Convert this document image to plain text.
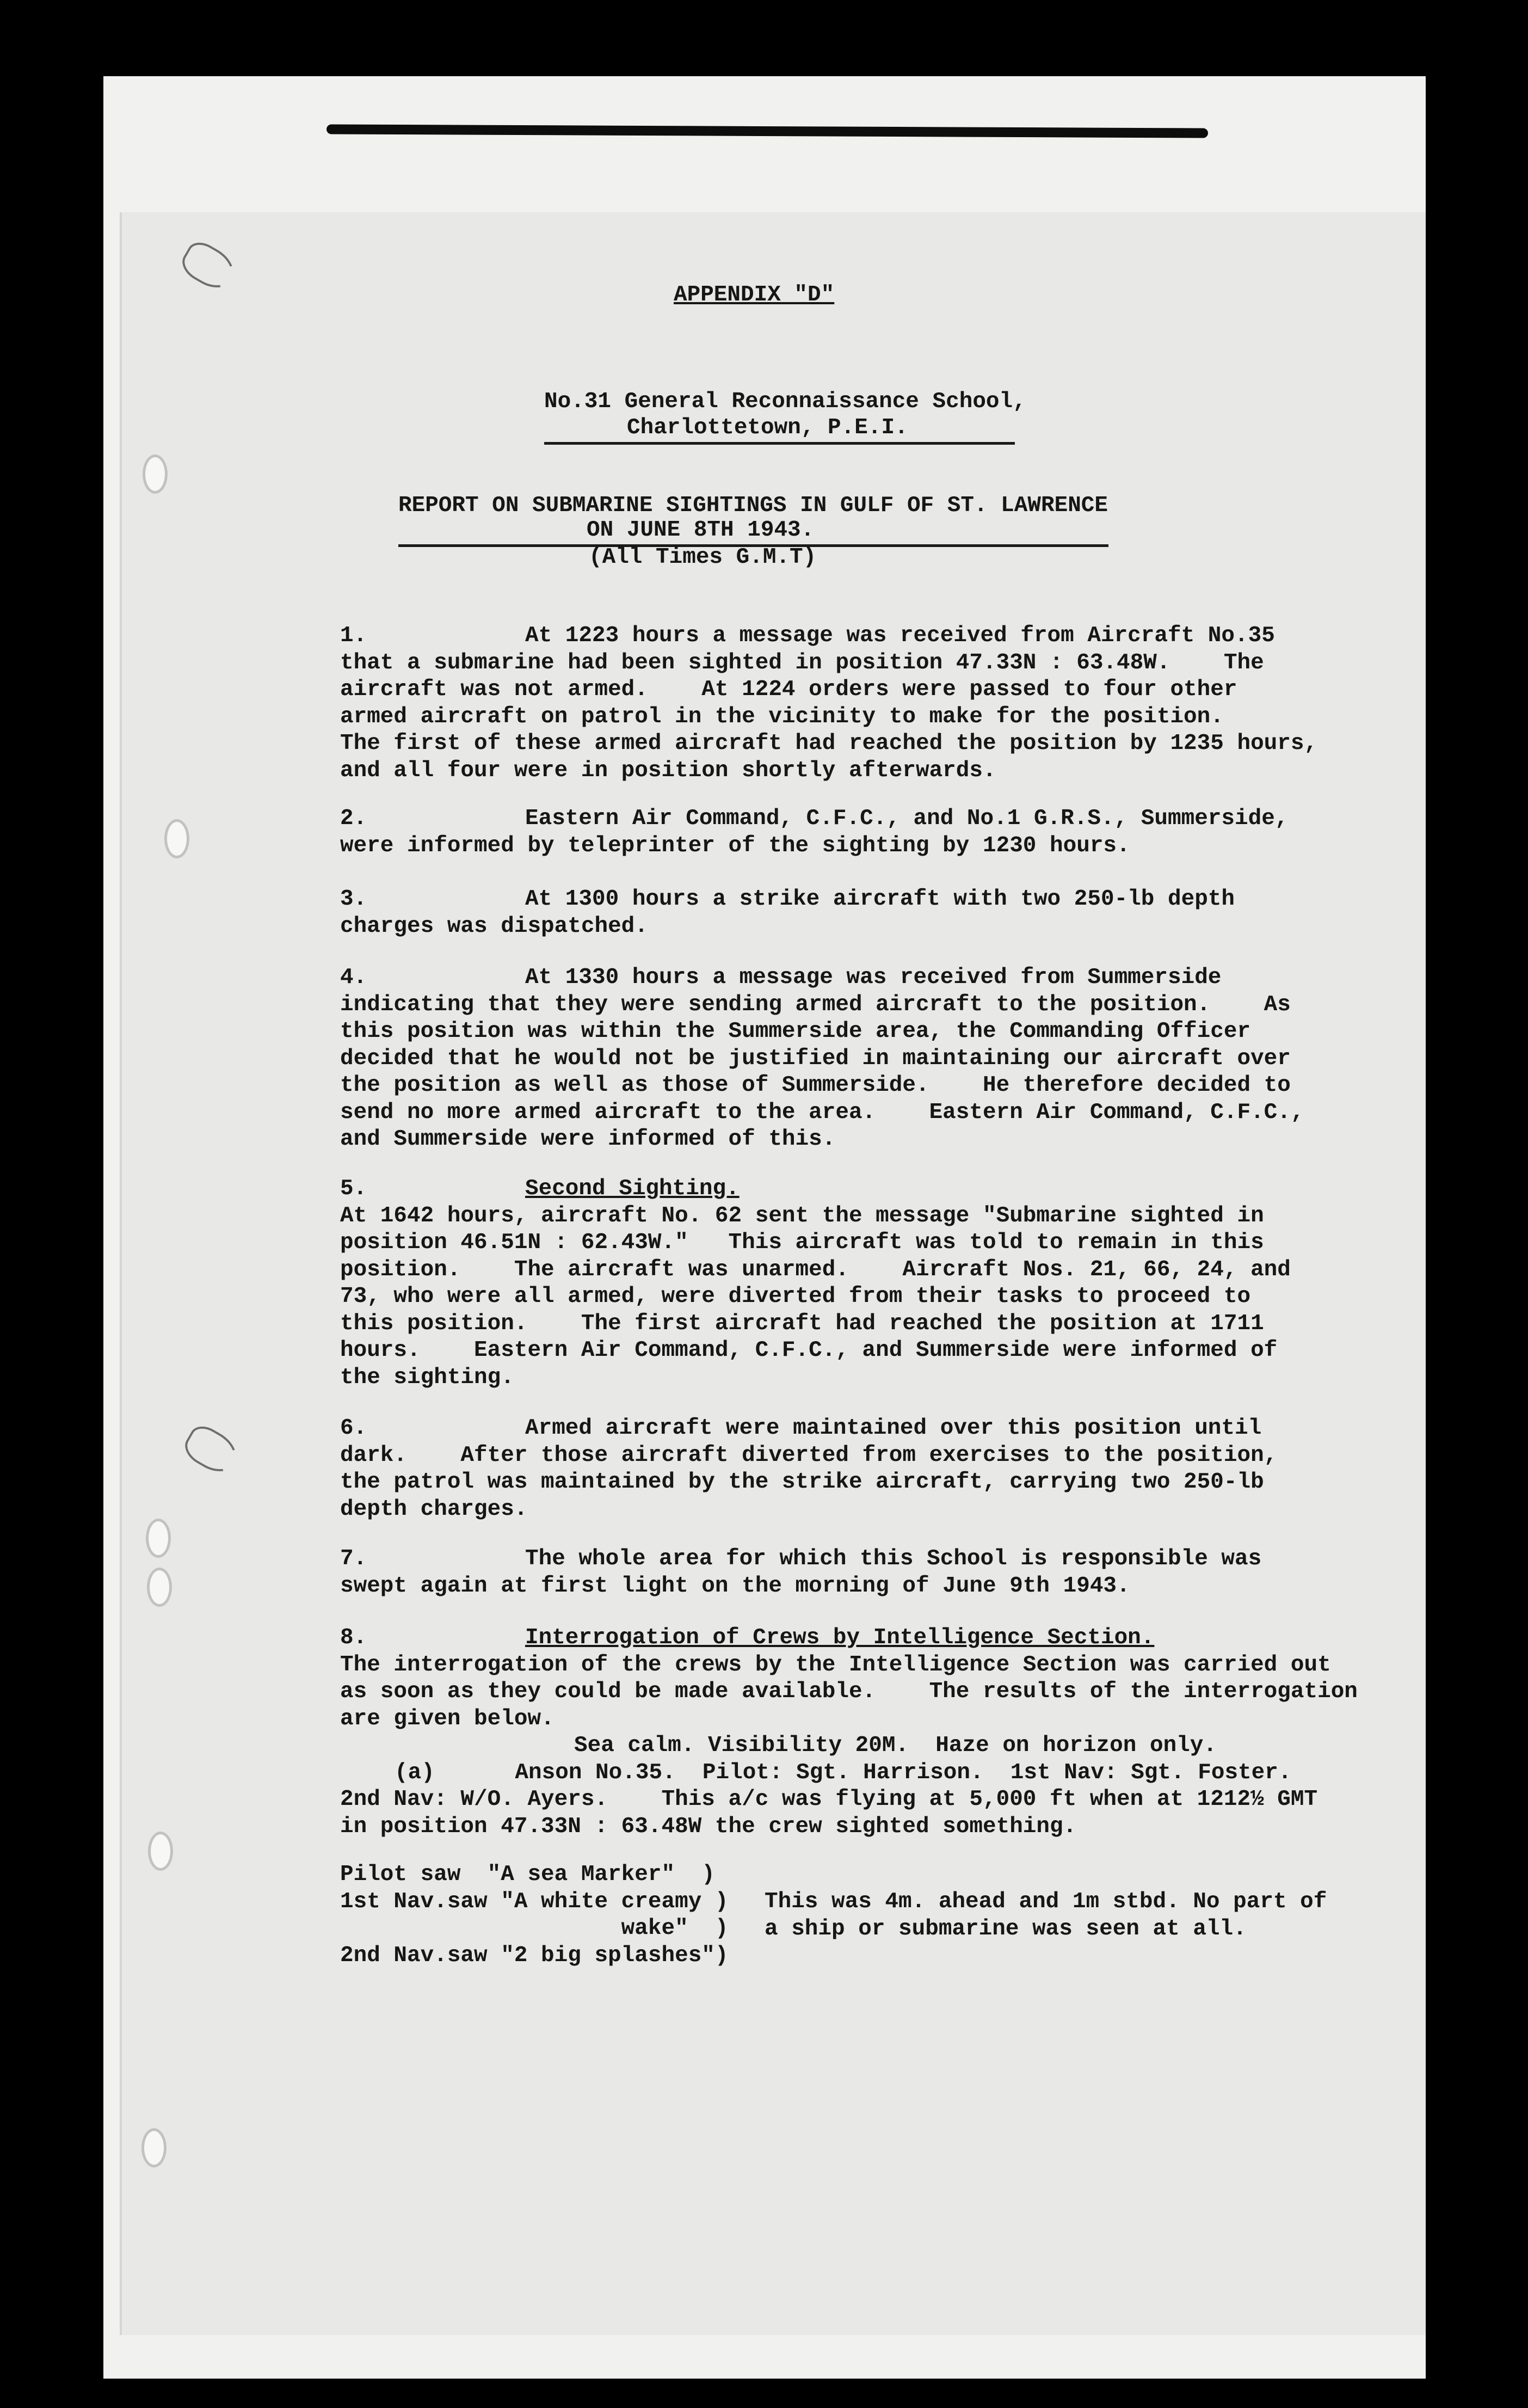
APPENDIX "D"
No.31 General Reconnaissance School,
Charlottetown, P.E.I.
REPORT ON SUBMARINE SIGHTINGS IN GULF OF ST. LAWRENCE
ON JUNE 8TH 1943.
(All Times G.M.T)
1.	At 1223 hours a message was received from Aircraft No.35
that a submarine had been sighted in position 47.33N : 63.48W.    The
aircraft was not armed.    At 1224 orders were passed to four other
armed aircraft on patrol in the vicinity to make for the position.
The first of these armed aircraft had reached the position by 1235 hours,
and all four were in position shortly afterwards.
2.	Eastern Air Command, C.F.C., and No.1 G.R.S., Summerside,
were informed by teleprinter of the sighting by 1230 hours.
3.	At 1300 hours a strike aircraft with two 250-lb depth
charges was dispatched.
4.	At 1330 hours a message was received from Summerside
indicating that they were sending armed aircraft to the position.    As
this position was within the Summerside area, the Commanding Officer
decided that he would not be justified in maintaining our aircraft over
the position as well as those of Summerside.    He therefore decided to
send no more armed aircraft to the area.    Eastern Air Command, C.F.C.,
and Summerside were informed of this.
5.	Second Sighting.
At 1642 hours, aircraft No. 62 sent the message "Submarine sighted in
position 46.51N : 62.43W."   This aircraft was told to remain in this
position.    The aircraft was unarmed.    Aircraft Nos. 21, 66, 24, and
73, who were all armed, were diverted from their tasks to proceed to
this position.    The first aircraft had reached the position at 1711
hours.    Eastern Air Command, C.F.C., and Summerside were informed of
the sighting.
6.	Armed aircraft were maintained over this position until
dark.    After those aircraft diverted from exercises to the position,
the patrol was maintained by the strike aircraft, carrying two 250-lb
depth charges.
7.	The whole area for which this School is responsible was
swept again at first light on the morning of June 9th 1943.
8.	Interrogation of Crews by Intelligence Section.
The interrogation of the crews by the Intelligence Section was carried out
as soon as they could be made available.    The results of the interrogation
are given below.
Sea calm. Visibility 20M.  Haze on horizon only.
(a)      Anson No.35.  Pilot: Sgt. Harrison.  1st Nav: Sgt. Foster.
2nd Nav: W/O. Ayers.    This a/c was flying at 5,000 ft when at 1212½ GMT
in position 47.33N : 63.48W the crew sighted something.
Pilot saw  "A sea Marker"  )
1st Nav.saw "A white creamy )
wake"  )
2nd Nav.saw "2 big splashes")
This was 4m. ahead and 1m stbd. No part of
a ship or submarine was seen at all.
